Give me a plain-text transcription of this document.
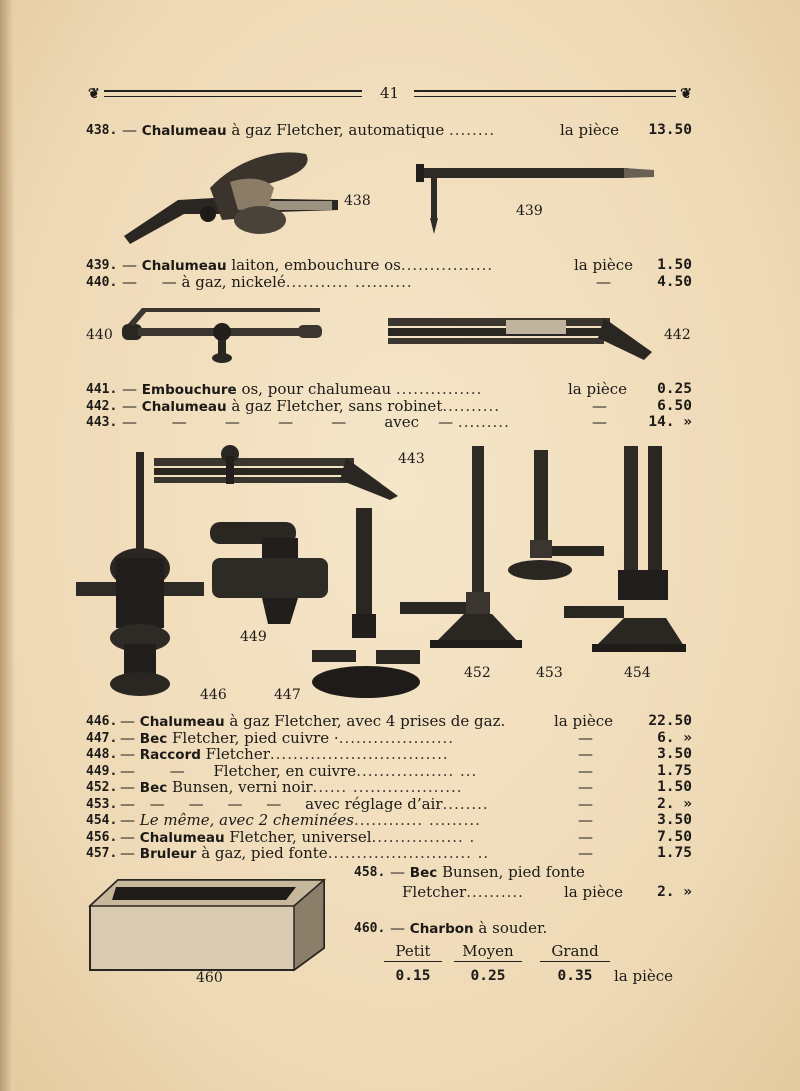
❦	41	❦
438. — Chalumeau à gaz Fletcher, automatique ........	la pièce 13.50
438
439
439. — Chalumeau laiton, embouchure os................	la pièce 1.50
440. — — à gaz, nickelé........... ..........	—	4.50
440	442
441. — Embouchure os, pour chalumeau ...............	la pièce 0.25
442. — Chalumeau à gaz Fletcher, sans robinet..........	—	6.50
443. — —        —        —        —        avec    — .........	—	14. »
443
449
446	447
452	453	454
446. — Chalumeau à gaz Fletcher, avec 4 prises de gaz.	la pièce 22.50
447. — Bec Fletcher, pied cuivre ·....................	—	6. »
448. — Raccord Fletcher...............................	—	3.50
449. — —      Fletcher, en cuivre................. ...	—	1.75
452. — Bec Bunsen, verni noir...... ...................	—	1.50
453. — —     —     —     —     avec réglage d’air........	—	2. »
454. — Le même, avec 2 cheminées............ .........	—	3.50
456. — Chalumeau Fletcher, universel................ .	—	7.50
457. — Bruleur à gaz, pied fonte......................... ..	—	1.75
460
458. — Bec Bunsen, pied fonte
Fletcher..........	la pièce 2. »
460. — Charbon à souder.
Petit	Moyen	Grand
0.15	0.25	0.35	la pièce
